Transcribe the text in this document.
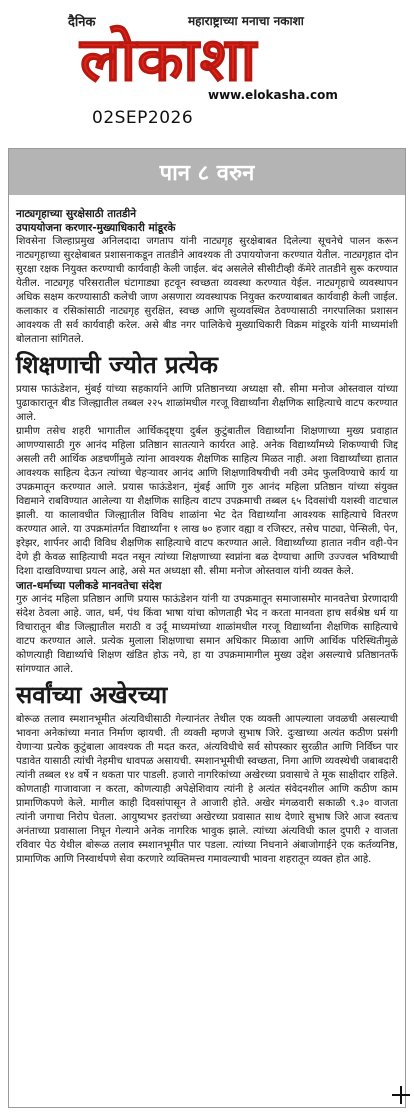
दैनिक	महाराष्ट्राच्या मनाचा नकाशा
लोकाशा
www.elokasha.com
02SEP2026
पान ८ वरुन

नाट्यगृहाच्या सुरक्षेसाठी तातडीने

उपाययोजना करणार-मुख्याधिकारी मांडूरके

शिवसेना जिल्हाप्रमुख अनिलदादा जगताप यांनी नाट्यगृह सुरक्षेबाबत दिलेल्या सूचनेचे पालन करून नाट्यगृहाच्या सुरक्षेबाबत प्रशासनाकडून तातडीने आवश्यक ती उपाययोजना करण्यात येतील. नाट्यगृहात दोन सुरक्षा रक्षक नियुक्त करण्याची कार्यवाही केली जाईल. बंद असलेले सीसीटीव्ही कॅमेरे तातडीने सुरू करण्यात येतील. नाट्यगृह परिसरातील घंटागाड्या हटवून स्वच्छता व्यवस्था करण्यात येईल. नाट्यगृहाचे व्यवस्थापन अधिक सक्षम करण्यासाठी कलेची जाण असणारा व्यवस्थापक नियुक्त करण्याबाबत कार्यवाही केली जाईल. कलाकार व रसिकांसाठी नाट्यगृह सुरक्षित, स्वच्छ आणि सुव्यवस्थित ठेवण्यासाठी नगरपालिका प्रशासन आवश्यक ती सर्व कार्यवाही करेल. असे बीड नगर पालिकेचे मुख्याधिकारी विक्रम मांडूरके यांनी माध्यमांशी बोलताना सांगितले.

शिक्षणाची ज्योत प्रत्येक

प्रयास फाऊंडेशन, मुंबई यांच्या सहकार्याने आणि प्रतिष्ठानच्या अध्यक्षा सौ. सीमा मनोज ओस्तवाल यांच्या पुढाकारातून बीड जिल्ह्यातील तब्बल २२५ शाळांमधील गरजू विद्यार्थ्यांना शैक्षणिक साहित्याचे वाटप करण्यात आले.

ग्रामीण तसेच शहरी भागातील आर्थिकदृष्ट्या दुर्बल कुटुंबातील विद्यार्थ्यांना शिक्षणाच्या मुख्य प्रवाहात आणण्यासाठी गुरु आनंद महिला प्रतिष्ठान सातत्याने कार्यरत आहे. अनेक विद्यार्थ्यांमध्ये शिकण्याची जिद्द असली तरी आर्थिक अडचणींमुळे त्यांना आवश्यक शैक्षणिक साहित्य मिळत नाही. अशा विद्यार्थ्यांच्या हातात आवश्यक साहित्य देऊन त्यांच्या चेहऱ्यावर आनंद आणि शिक्षणाविषयीची नवी उमेद फुलविण्याचे कार्य या उपक्रमातून करण्यात आले. प्रयास फाऊंडेशन, मुंबई आणि गुरु आनंद महिला प्रतिष्ठान यांच्या संयुक्त विद्यमाने राबविण्यात आलेल्या या शैक्षणिक साहित्य वाटप उपक्रमाची तब्बल ६५ दिवसांची यशस्वी वाटचाल झाली. या कालावधीत जिल्ह्यातील विविध शाळांना भेट देत विद्यार्थ्यांना आवश्यक साहित्याचे वितरण करण्यात आले. या उपक्रमांतर्गत विद्यार्थ्यांना १ लाख ७० हजार वह्या व रजिस्टर, तसेच पाट्या, पेन्सिली, पेन, इरेझर, शार्पनर आदी विविध शैक्षणिक साहित्याचे वाटप करण्यात आले. विद्यार्थ्यांच्या हातात नवीन वही-पेन देणे ही केवळ साहित्याची मदत नसून त्यांच्या शिक्षणाच्या स्वप्नांना बळ देण्याचा आणि उज्ज्वल भविष्याची दिशा दाखविण्याचा प्रयत्न आहे, असे मत अध्यक्षा सौ. सीमा मनोज ओस्तवाल यांनी व्यक्त केले.

जात-धर्माच्या पलीकडे मानवतेचा संदेश

गुरु आनंद महिला प्रतिष्ठान आणि प्रयास फाऊंडेशन यांनी या उपक्रमातून समाजासमोर मानवतेचा प्रेरणादायी संदेश ठेवला आहे. जात, धर्म, पंथ किंवा भाषा यांचा कोणताही भेद न करता मानवता हाच सर्वश्रेष्ठ धर्म या विचारातून बीड जिल्ह्यातील मराठी व उर्दू माध्यमांच्या शाळांमधील गरजू विद्यार्थ्यांना शैक्षणिक साहित्याचे वाटप करण्यात आले. प्रत्येक मुलाला शिक्षणाचा समान अधिकार मिळावा आणि आर्थिक परिस्थितीमुळे कोणत्याही विद्यार्थ्याचे शिक्षण खंडित होऊ नये, हा या उपक्रमामागील मुख्य उद्देश असल्याचे प्रतिष्ठानतर्फे सांगण्यात आले.

सर्वांच्या अखेरच्या

बोरूळ तलाव स्मशानभूमीत अंत्यविधीसाठी गेल्यानंतर तेथील एक व्यक्ती आपल्याला जवळची असल्याची भावना अनेकांच्या मनात निर्माण व्हायची. ती व्यक्ती म्हणजे सुभाष जिरे. दुःखाच्या अत्यंत कठीण प्रसंगी येणाऱ्या प्रत्येक कुटुंबाला आवश्यक ती मदत करत, अंत्यविधीचे सर्व सोपस्कार सुरळीत आणि निर्विघ्न पार पडावेत यासाठी त्यांची नेहमीच धावपळ असायची. स्मशानभूमीची स्वच्छता, निगा आणि व्यवस्थेची जबाबदारी त्यांनी तब्बल १४ वर्षे न थकता पार पाडली. हजारो नागरिकांच्या अखेरच्या प्रवासाचे ते मूक साक्षीदार राहिले. कोणताही गाजावाजा न करता, कोणत्याही अपेक्षेशिवाय त्यांनी हे अत्यंत संवेदनशील आणि कठीण काम प्रामाणिकपणे केले. मागील काही दिवसांपासून ते आजारी होते. अखेर मंगळवारी सकाळी ९.३० वाजता त्यांनी जगाचा निरोप घेतला. आयुष्यभर इतरांच्या अखेरच्या प्रवासात साथ देणारे सुभाष जिरे आज स्वतःच अनंताच्या प्रवासाला निघून गेल्याने अनेक नागरिक भावुक झाले. त्यांच्या अंत्यविधी काल दुपारी २ वाजता रविवार पेठ येथील बोरूळ तलाव स्मशानभूमीत पार पडला. त्यांच्या निधनाने अंबाजोगाईने एक कर्तव्यनिष्ठ, प्रामाणिक आणि निस्वार्थपणे सेवा करणारे व्यक्तिमत्त्व गमावल्याची भावना शहरातून व्यक्त होत आहे.
